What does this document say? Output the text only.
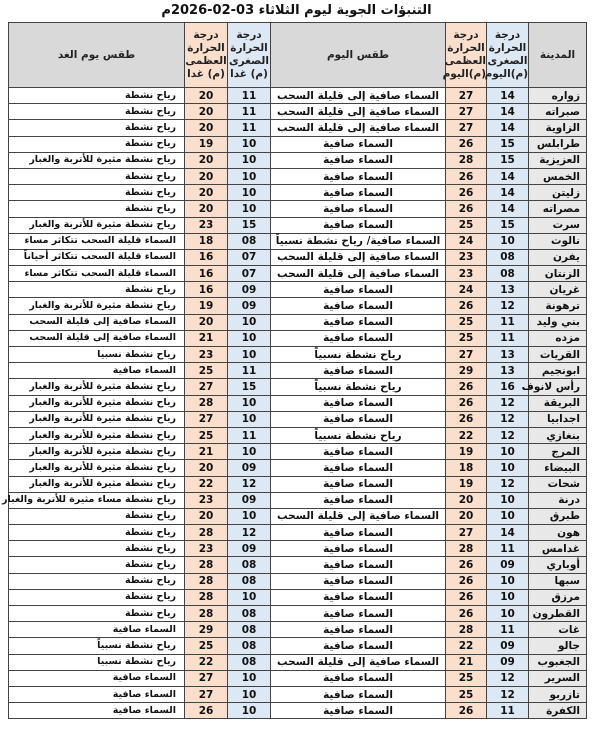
التنبؤات الجوية ليوم الثلاثاء 03-02-2026م
المدينة	درجة الحرارة الصغرى (م)اليوم	درجة الحرارة العظمى (م)اليوم	طقس اليوم	درجة الحرارة الصغرى (م) غدا	درجة الحرارة العظمى (م) غدا	طقس يوم الغد
زواره	14	27	السماء صافية إلى قليلة السحب	11	20	رياح نشطة
صبراته	14	27	السماء صافية إلى قليلة السحب	11	20	رياح نشطة
الزاوية	14	27	السماء صافية إلى قليلة السحب	11	20	رياح نشطة
طرابلس	15	26	السماء صافية	10	19	رياح نشطة
العزيزية	15	28	السماء صافية	10	20	رياح نشطة مثيرة للأتربة والغبار
الخمس	14	26	السماء صافية	10	20	رياح نشطة
زليتن	14	26	السماء صافية	10	20	رياح نشطة
مصراته	14	26	السماء صافية	10	20	رياح نشطة
سرت	15	25	السماء صافية	15	23	رياح نشطة مثيرة للأتربة والغبار
نالوت	10	24	السماء صافية/ رياح نشطة نسبياً	08	18	السماء قليلة السحب تتكاثر مساء
يفرن	08	23	السماء صافية إلى قليلة السحب	07	16	السماء قليلة السحب تتكاثر أحياناً
الزنتان	08	23	السماء صافية إلى قليلة السحب	07	16	السماء قليلة السحب تتكاثر مساء
غريان	13	24	السماء صافية	09	16	رياح نشطة
ترهونة	12	26	السماء صافية	09	19	رياح نشطة مثيرة للأتربة والغبار
بني وليد	11	25	السماء صافية	10	20	السماء صافية إلى قليلة السحب
مزده	11	25	السماء صافية	10	21	السماء صافية إلى قليلة السحب
القريات	13	27	رياح نشطة نسبياً	10	23	رياح نشطة نسبيا
ابونجيم	13	29	السماء صافية	11	25	السماء صافية
رأس لانوف	16	26	رياح نشطة نسبياً	15	27	رياح نشطة مثيرة للأتربة والغبار
البريقة	12	26	السماء صافية	10	28	رياح نشطة مثيرة للأتربة والغبار
اجدابيا	12	26	السماء صافية	10	27	رياح نشطة مثيرة للأتربة والغبار
بنغازي	12	22	رياح نشطة نسبياً	11	25	رياح نشطة مثيرة للأتربة والغبار
المرج	10	19	السماء صافية	10	21	رياح نشطة مثيرة للأتربة والغبار
البيضاء	10	18	السماء صافية	09	20	رياح نشطة مثيرة للأتربة والغبار
شحات	12	19	السماء صافية	12	22	رياح نشطة مثيرة للأتربة والغبار
درنة	10	20	السماء صافية	09	23	رياح نشطة مساء مثيرة للأتربة والغبار
طبرق	10	20	السماء صافية إلى قليلة السحب	10	20	رياح نشطة
هون	14	27	السماء صافية	12	28	رياح نشطة
غدامس	11	28	السماء صافية	09	23	رياح نشطة
أوباري	09	26	السماء صافية	08	28	رياح نشطة
سبها	10	26	السماء صافية	08	28	رياح نشطة
مرزق	10	26	السماء صافية	10	28	رياح نشطة
القطرون	10	26	السماء صافية	08	28	رياح نشطة
غات	11	28	السماء صافية	08	29	السماء صافية
جالو	09	22	السماء صافية	08	25	رياح نشطة نسبياً
الجغبوب	09	21	السماء صافية إلى قليلة السحب	08	22	رياح نشطة نسبيا
السرير	12	25	السماء صافية	10	27	السماء صافية
تازربو	12	25	السماء صافية	10	27	السماء صافية
الكفرة	11	26	السماء صافية	10	26	السماء صافية
